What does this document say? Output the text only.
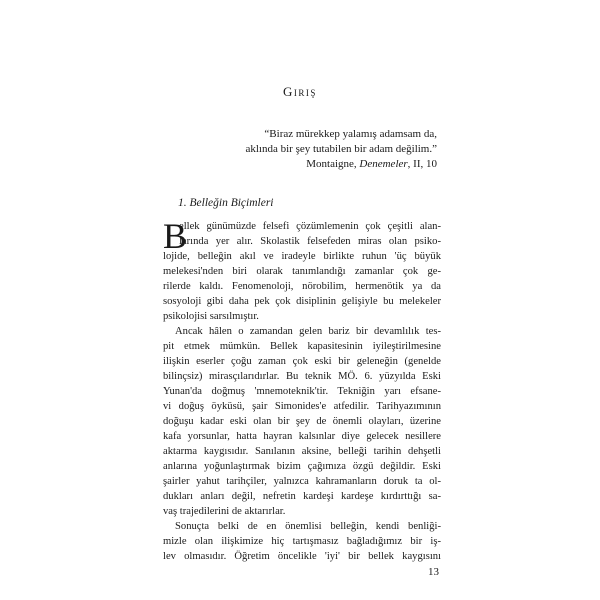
Giriş
“Biraz mürekkep yalamış adamsam da,
aklında bir şey tutabilen bir adam değilim.”
Montaigne, Denemeler, II, 10
1. Belleğin Biçimleri
B
ellek günümüzde felsefi çözümlemenin çok çeşitli alan-
larında yer alır. Skolastik felsefeden miras olan psiko-
lojide, belleğin akıl ve iradeyle birlikte ruhun 'üç büyük
melekesi'nden biri olarak tanımlandığı zamanlar çok ge-
rilerde kaldı. Fenomenoloji, nörobilim, hermenötik ya da
sosyoloji gibi daha pek çok disiplinin gelişiyle bu melekeler
psikolojisi sarsılmıştır.
Ancak hâlen o zamandan gelen bariz bir devamlılık tes-
pit etmek mümkün. Bellek kapasitesinin iyileştirilmesine
ilişkin eserler çoğu zaman çok eski bir geleneğin (genelde
bilinçsiz) mirasçılarıdırlar. Bu teknik MÖ. 6. yüzyılda Eski
Yunan'da doğmuş 'mnemoteknik'tir. Tekniğin yarı efsane-
vi doğuş öyküsü, şair Simonides'e atfedilir. Tarihyazımının
doğuşu kadar eski olan bir şey de önemli olayları, üzerine
kafa yorsunlar, hatta hayran kalsınlar diye gelecek nesillere
aktarma kaygısıdır. Sanılanın aksine, belleği tarihin dehşetli
anlarına yoğunlaştırmak bizim çağımıza özgü değildir. Eski
şairler yahut tarihçiler, yalnızca kahramanların doruk ta ol-
dukları anları değil, nefretin kardeşi kardeşe kırdırttığı sa-
vaş trajedilerini de aktarırlar.
Sonuçta belki de en önemlisi belleğin, kendi benliği-
mizle olan ilişkimize hiç tartışmasız bağladığımız bir iş-
lev olmasıdır. Öğretim öncelikle 'iyi' bir bellek kaygısını
13
